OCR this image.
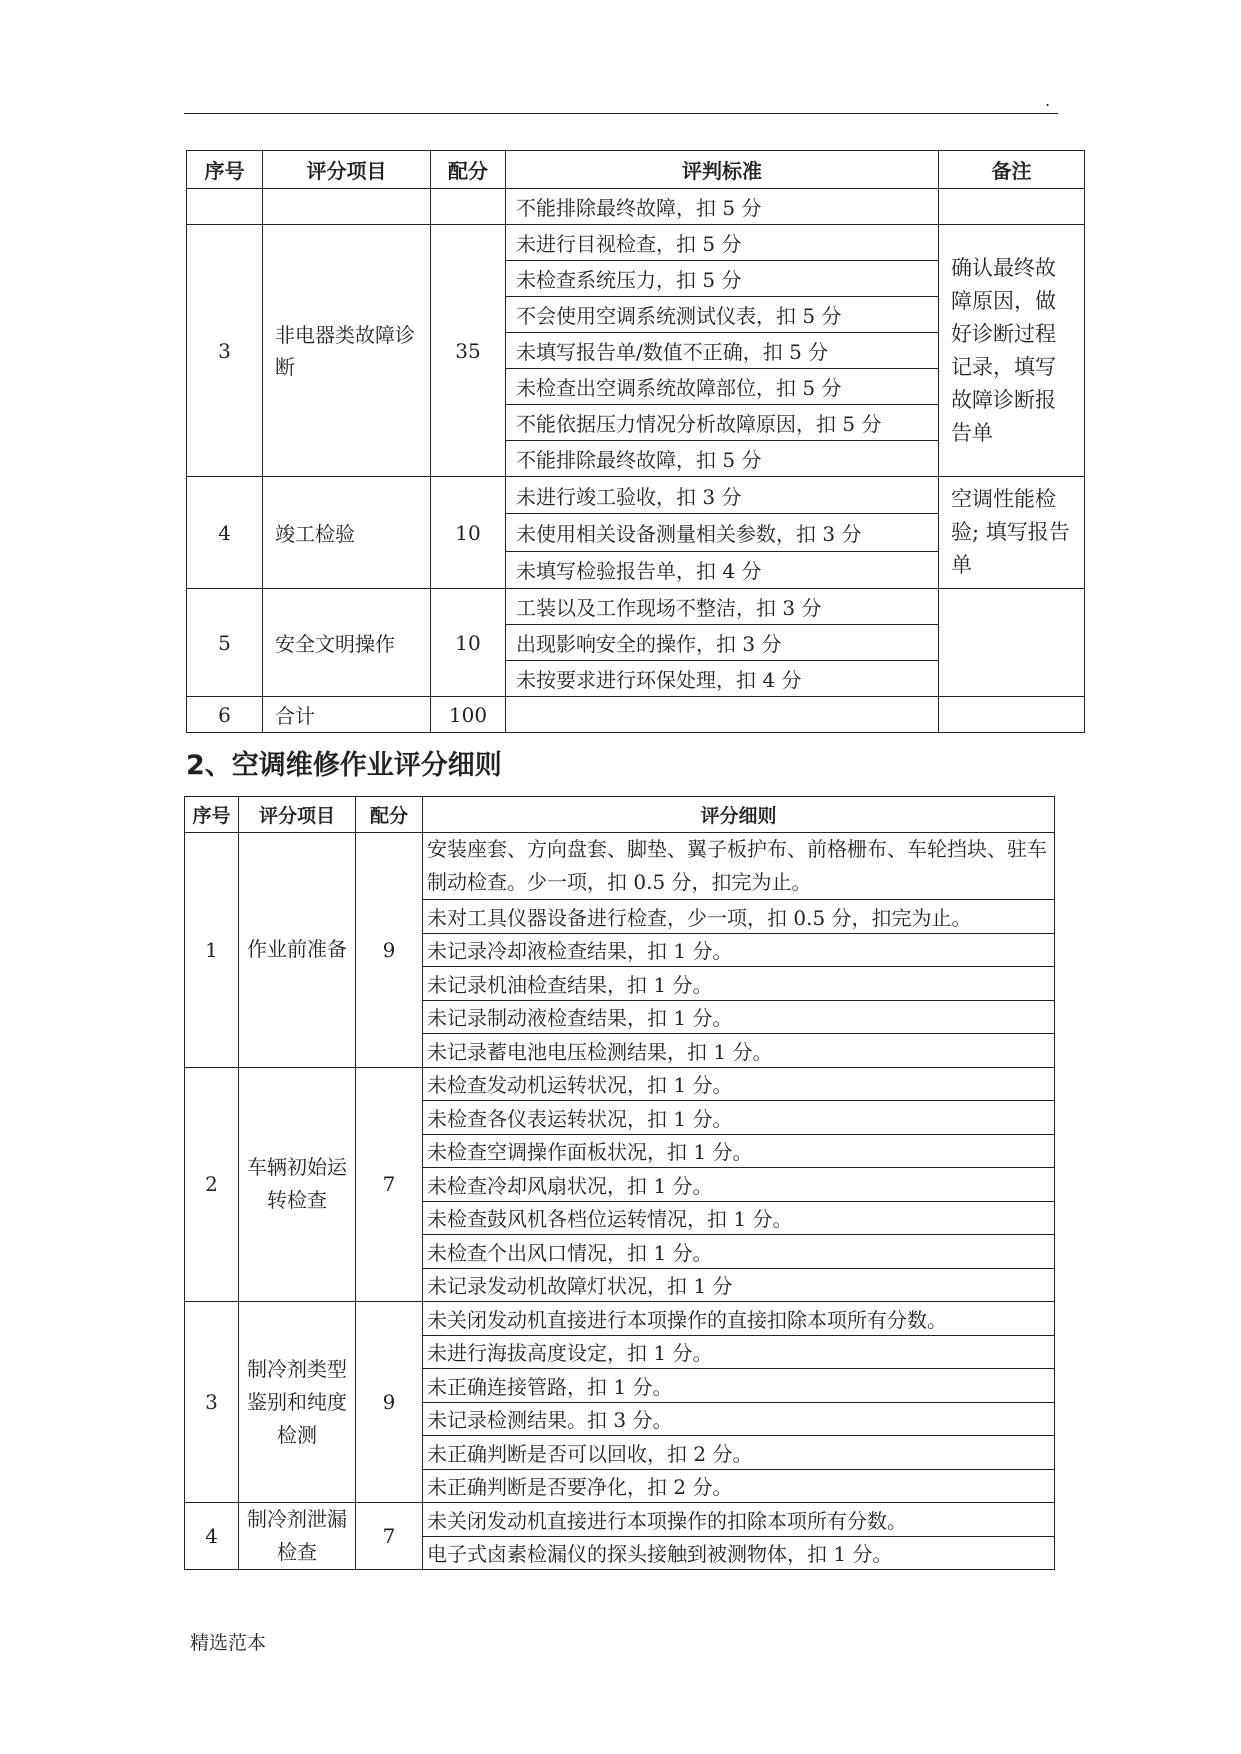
.
序号	评分项目	配分	评判标准	备注
			不能排除最终故障，扣 5 分	
3	非电器类故障诊断	35	未进行目视检查，扣 5 分	确认最终故障原因，做好诊断过程记录，填写故障诊断报告单
			未检查系统压力，扣 5 分	
			不会使用空调系统测试仪表，扣 5 分	
			未填写报告单/数值不正确，扣 5 分	
			未检查出空调系统故障部位，扣 5 分	
			不能依据压力情况分析故障原因，扣 5 分	
			不能排除最终故障，扣 5 分	
4	竣工检验	10	未进行竣工验收，扣 3 分	空调性能检验; 填写报告单
			未使用相关设备测量相关参数，扣 3 分	
			未填写检验报告单，扣 4 分	
5	安全文明操作	10	工装以及工作现场不整洁，扣 3 分	
			出现影响安全的操作，扣 3 分	
			未按要求进行环保处理，扣 4 分	
6	合计	100		
2、空调维修作业评分细则
序号	评分项目	配分	评分细则
1	作业前准备	9	安装座套、方向盘套、脚垫、翼子板护布、前格栅布、车轮挡块、驻车制动检查。少一项，扣 0.5 分，扣完为止。
			未对工具仪器设备进行检查，少一项，扣 0.5 分，扣完为止。
			未记录冷却液检查结果，扣 1 分。
			未记录机油检查结果，扣 1 分。
			未记录制动液检查结果，扣 1 分。
			未记录蓄电池电压检测结果，扣 1 分。
2	车辆初始运转检查	7	未检查发动机运转状况，扣 1 分。
			未检查各仪表运转状况，扣 1 分。
			未检查空调操作面板状况，扣 1 分。
			未检查冷却风扇状况，扣 1 分。
			未检查鼓风机各档位运转情况，扣 1 分。
			未检查个出风口情况，扣 1 分。
			未记录发动机故障灯状况，扣 1 分
3	制冷剂类型鉴别和纯度检测	9	未关闭发动机直接进行本项操作的直接扣除本项所有分数。
			未进行海拔高度设定，扣 1 分。
			未正确连接管路，扣 1 分。
			未记录检测结果。扣 3 分。
			未正确判断是否可以回收，扣 2 分。
			未正确判断是否要净化，扣 2 分。
4	制冷剂泄漏检查	7	未关闭发动机直接进行本项操作的扣除本项所有分数。
			电子式卤素检漏仪的探头接触到被测物体，扣 1 分。
精选范本
